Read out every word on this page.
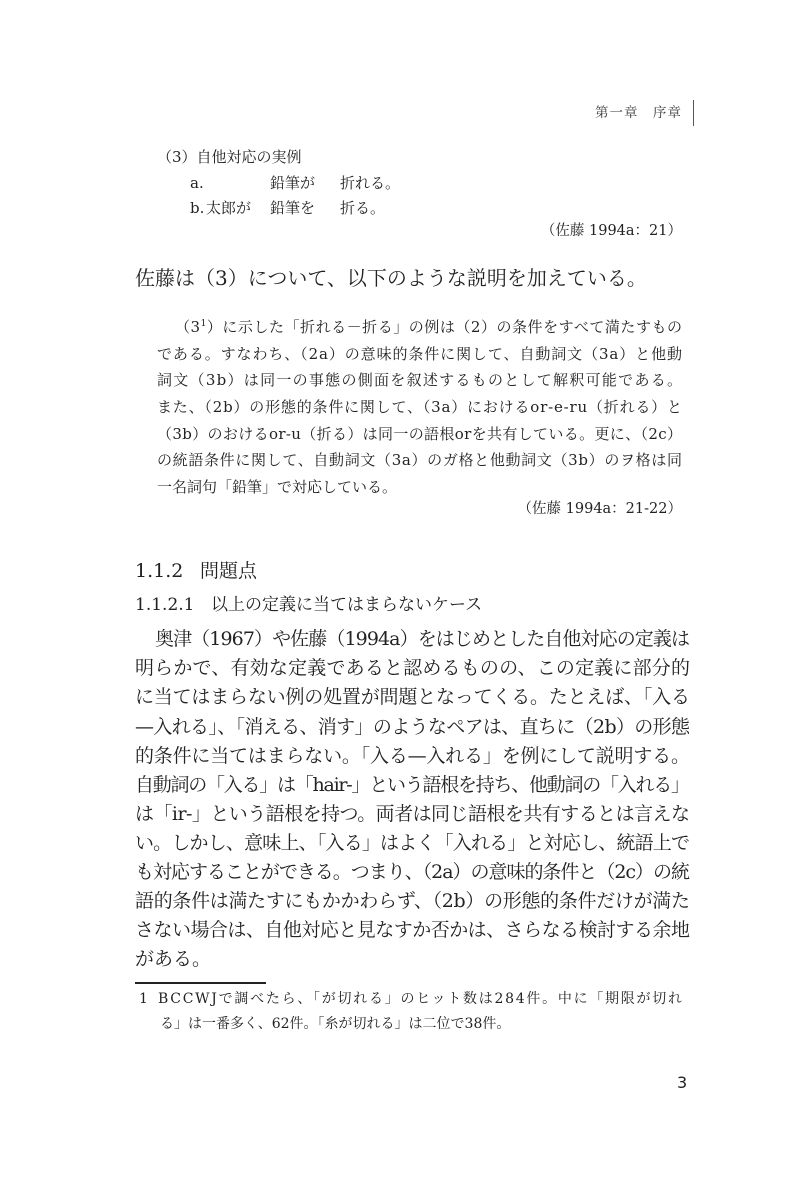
第一章　序章
（3）自他対応の実例
a.	鉛筆が 折れる。
b. 太郎が 鉛筆を 折る。
（佐藤 1994a：21）
佐藤は（3）について、以下のような説明を加えている。
$(3^1)$に示した「折れる－折る」の例は（2）の条件をすべて満たすもの
である。すなわち、（2a）の意味的条件に関して、自動詞文（3a）と他動
詞文（3b）は同一の事態の側面を叙述するものとして解釈可能である。
また、（2b）の形態的条件に関して、（3a）におけるor-e-ru（折れる）と
（3b）のおけるor-u（折る）は同一の語根orを共有している。更に、（2c）
の統語条件に関して、自動詞文（3a）のガ格と他動詞文（3b）のヲ格は同
一名詞句「鉛筆」で対応している。
（佐藤 1994a：21-22）
1.1.2 問題点
1.1.2.1 以上の定義に当てはまらないケース
奥津（1967）や佐藤（1994a）をはじめとした自他対応の定義は
明らかで、有効な定義であると認めるものの、この定義に部分的
に当てはまらない例の処置が問題となってくる。たとえば、「入る
—入れる」、「消える、消す」のようなペアは、直ちに（2b）の形態
的条件に当てはまらない。「入る—入れる」を例にして説明する。
自動詞の「入る」は「hair-」という語根を持ち、他動詞の「入れる」
は「ir-」という語根を持つ。両者は同じ語根を共有するとは言えな
い。しかし、意味上、「入る」はよく「入れる」と対応し、統語上で
も対応することができる。つまり、（2a）の意味的条件と（2c）の統
語的条件は満たすにもかかわらず、（2b）の形態的条件だけが満た
さない場合は、自他対応と見なすか否かは、さらなる検討する余地
がある。
1 BCCWJで調べたら、「が切れる」のヒット数は284件。中に「期限が切れ
る」は一番多く、62件。「糸が切れる」は二位で38件。
3
